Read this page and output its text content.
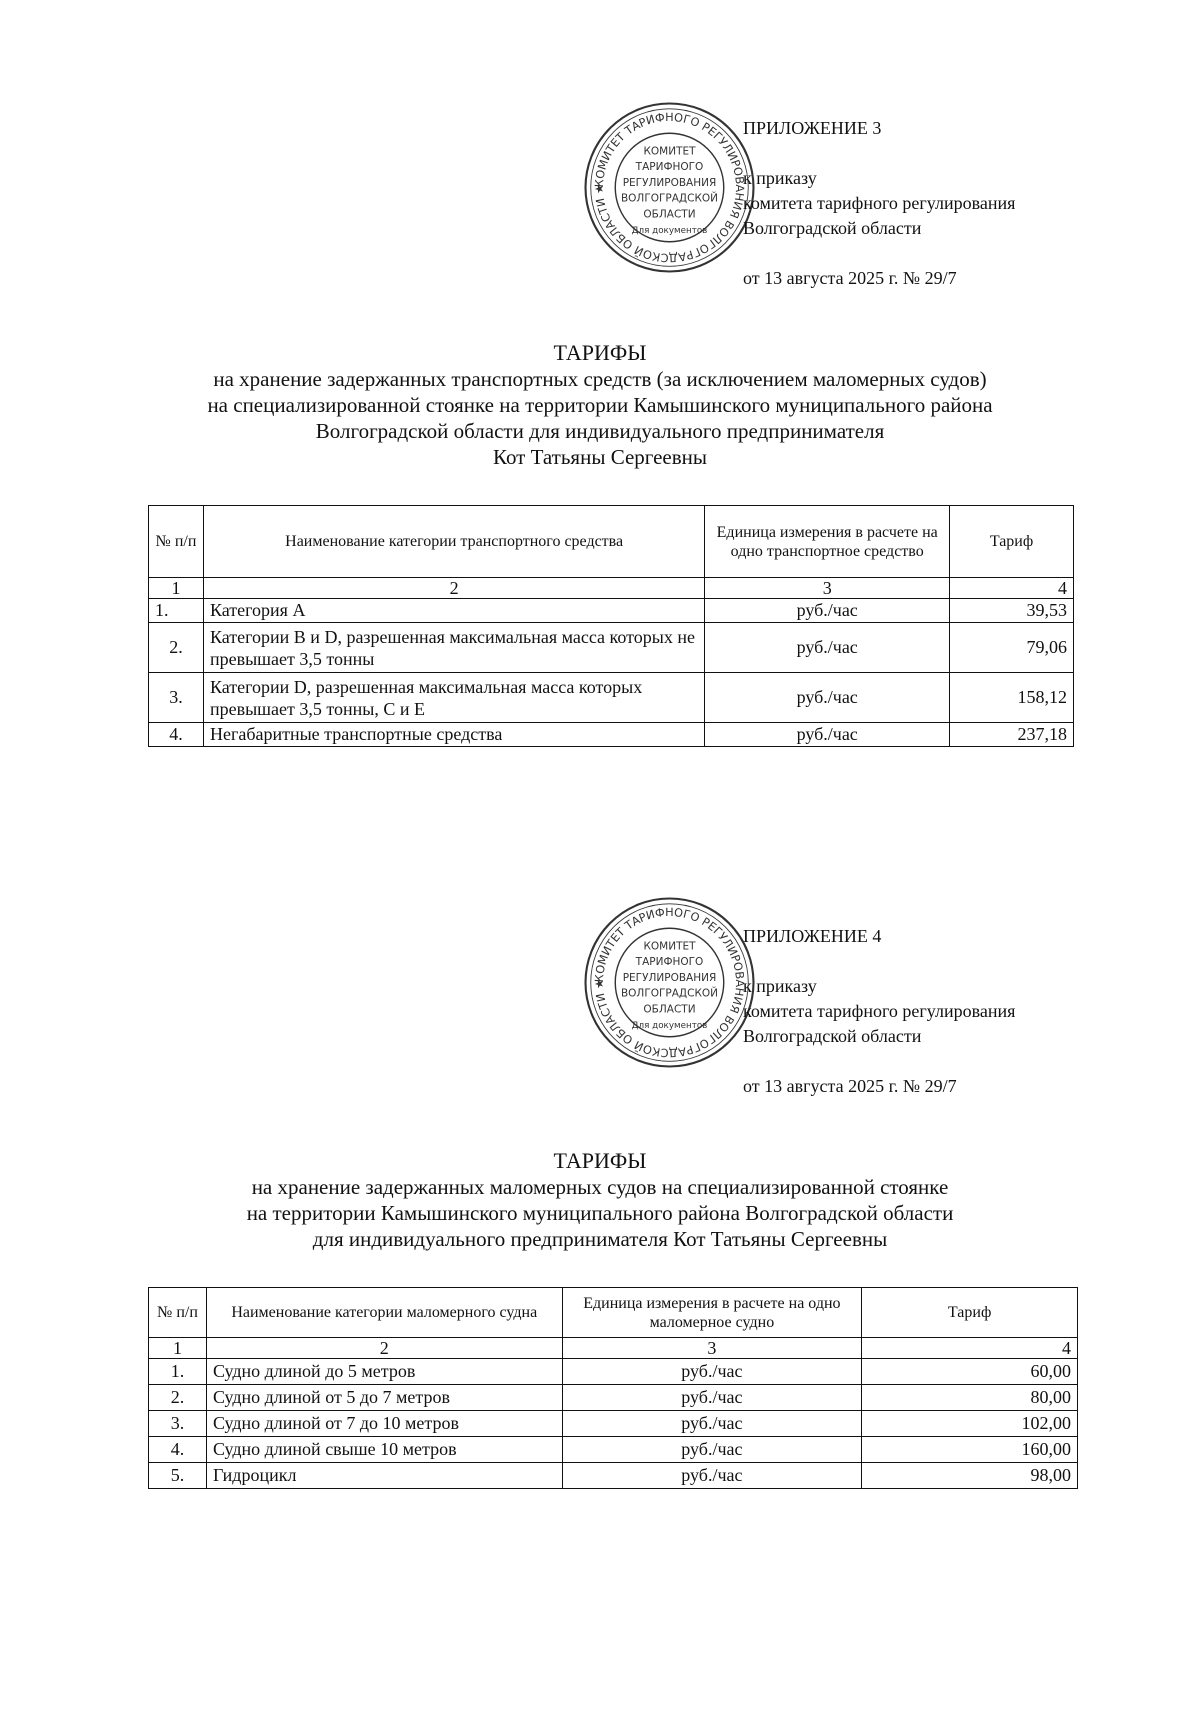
КОМИТЕТ ТАРИФНОГО РЕГУЛИРОВАНИЯ ВОЛГОГРАДСКОЙ ОБЛАСТИ ★
КОМИТЕТ
ТАРИФНОГО
РЕГУЛИРОВАНИЯ
ВОЛГОГРАДСКОЙ
ОБЛАСТИ
Для документов
ПРИЛОЖЕНИЕ 3
к приказу
комитета тарифного регулирования
Волгоградской области
от 13 августа 2025 г. № 29/7
ТАРИФЫ
на хранение задержанных транспортных средств (за исключением маломерных судов)
на специализированной стоянке на территории Камышинского муниципального района
Волгоградской области для индивидуального предпринимателя
Кот Татьяны Сергеевны
№ п/п	Наименование категории транспортного средства	Единица измерения в расчете на одно транспортное средство	Тариф
1	2	3	4
1.	Категория А	руб./час	39,53
2.	Категории В и D, разрешенная максимальная масса которых не превышает 3,5 тонны	руб./час	79,06
3.	Категории D, разрешенная максимальная масса которых превышает 3,5 тонны, С и Е	руб./час	158,12
4.	Негабаритные транспортные средства	руб./час	237,18
КОМИТЕТ ТАРИФНОГО РЕГУЛИРОВАНИЯ ВОЛГОГРАДСКОЙ ОБЛАСТИ ★
КОМИТЕТ
ТАРИФНОГО
РЕГУЛИРОВАНИЯ
ВОЛГОГРАДСКОЙ
ОБЛАСТИ
Для документов
ПРИЛОЖЕНИЕ 4
к приказу
комитета тарифного регулирования
Волгоградской области
от 13 августа 2025 г. № 29/7
ТАРИФЫ
на хранение задержанных маломерных судов на специализированной стоянке
на территории Камышинского муниципального района Волгоградской области
для индивидуального предпринимателя Кот Татьяны Сергеевны
№ п/п	Наименование категории маломерного судна	Единица измерения в расчете на одно маломерное судно	Тариф
1	2	3	4
1.	Судно длиной до 5 метров	руб./час	60,00
2.	Судно длиной от 5 до 7 метров	руб./час	80,00
3.	Судно длиной от 7 до 10 метров	руб./час	102,00
4.	Судно длиной свыше 10 метров	руб./час	160,00
5.	Гидроцикл	руб./час	98,00
